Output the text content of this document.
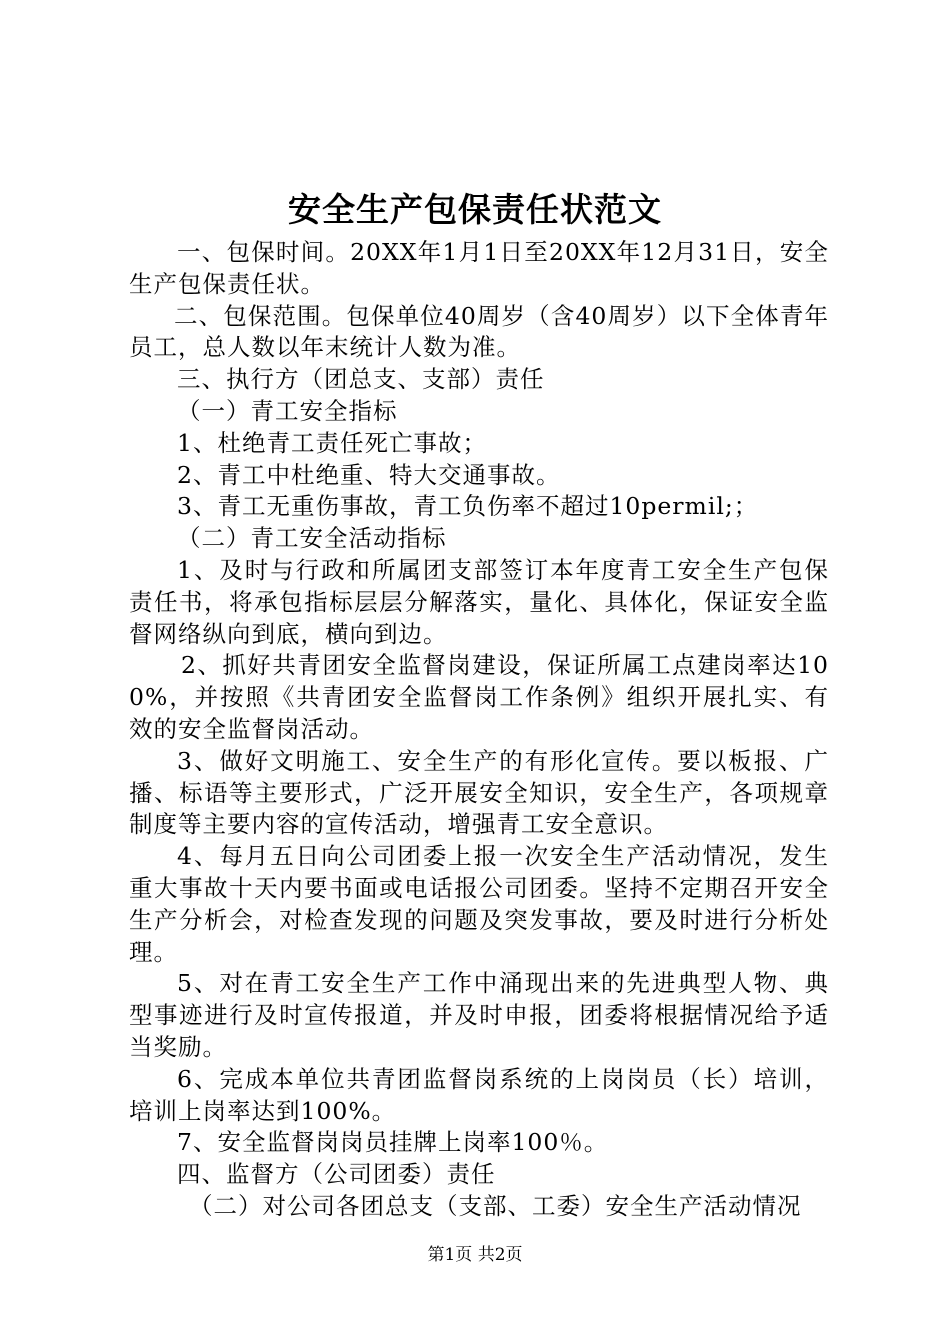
安全生产包保责任状范文

一、包保时间。20XX年1月1日至20XX年12月31日，安全生产包保责任状。

二、包保范围。包保单位40周岁（含40周岁）以下全体青年员工，总人数以年末统计人数为准。

三、执行方（团总支、支部）责任

（一）青工安全指标

1、杜绝青工责任死亡事故；

2、青工中杜绝重、特大交通事故。

3、青工无重伤事故，青工负伤率不超过10permil;；

（二）青工安全活动指标

1、及时与行政和所属团支部签订本年度青工安全生产包保责任书，将承包指标层层分解落实，量化、具体化，保证安全监督网络纵向到底，横向到边。

2、抓好共青团安全监督岗建设，保证所属工点建岗率达100%，并按照《共青团安全监督岗工作条例》组织开展扎实、有效的安全监督岗活动。

3、做好文明施工、安全生产的有形化宣传。要以板报、广播、标语等主要形式，广泛开展安全知识，安全生产，各项规章制度等主要内容的宣传活动，增强青工安全意识。

4、每月五日向公司团委上报一次安全生产活动情况，发生重大事故十天内要书面或电话报公司团委。坚持不定期召开安全生产分析会，对检查发现的问题及突发事故，要及时进行分析处理。

5、对在青工安全生产工作中涌现出来的先进典型人物、典型事迹进行及时宣传报道，并及时申报，团委将根据情况给予适当奖励。

6、完成本单位共青团监督岗系统的上岗岗员（长）培训，培训上岗率达到100%。

7、安全监督岗岗员挂牌上岗率100％。

四、监督方（公司团委）责任

（二）对公司各团总支（支部、工委）安全生产活动情况

第1页 共2页
